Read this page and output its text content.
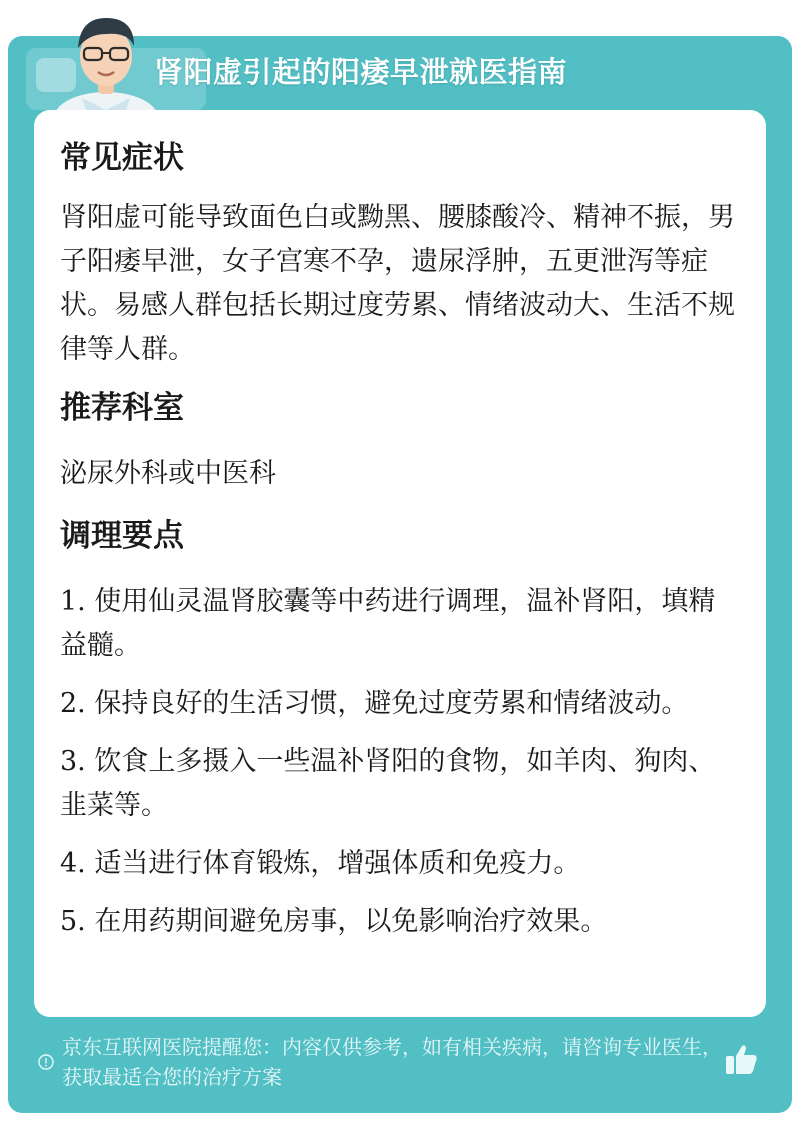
肾阳虚引起的阳痿早泄就医指南

常见症状

肾阳虚可能导致面色白或黝黑、腰膝酸冷、精神不振，男子阳痿早泄，女子宫寒不孕，遗尿浮肿，五更泄泻等症状。易感人群包括长期过度劳累、情绪波动大、生活不规律等人群。

推荐科室

泌尿外科或中医科

调理要点

1. 使用仙灵温肾胶囊等中药进行调理，温补肾阳，填精益髓。

2. 保持良好的生活习惯，避免过度劳累和情绪波动。

3. 饮食上多摄入一些温补肾阳的食物，如羊肉、狗肉、韭菜等。

4. 适当进行体育锻炼，增强体质和免疫力。

5. 在用药期间避免房事，以免影响治疗效果。

京东互联网医院提醒您：内容仅供参考，如有相关疾病，请咨询专业医生，获取最适合您的治疗方案
